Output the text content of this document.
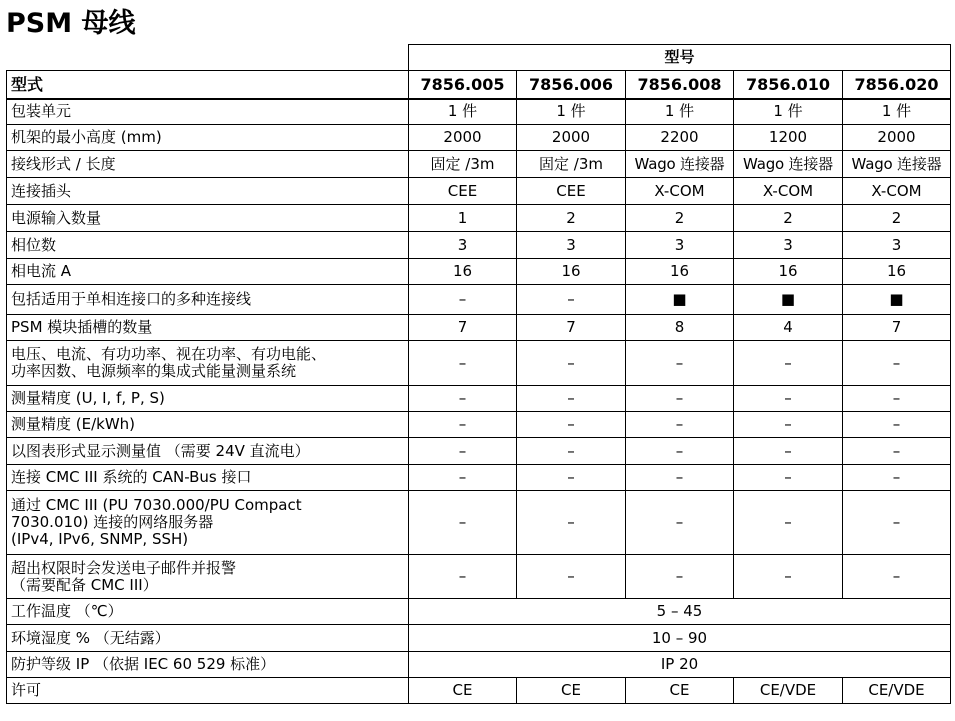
PSM 母线
	型号				
型式	7856.005	7856.006	7856.008	7856.010	7856.020

包装单元	1 件	1 件	1 件	1 件	1 件

机架的最小高度 (mm)	2000	2000	2200	1200	2000

接线形式 / 长度	固定 /3m	固定 /3m	Wago 连接器	Wago 连接器	Wago 连接器

连接插头	CEE	CEE	X-COM	X-COM	X-COM

电源输入数量	1	2	2	2	2

相位数	3	3	3	3	3

相电流 A	16	16	16	16	16

包括适用于单相连接口的多种连接线	–	–	■	■	■

PSM 模块插槽的数量	7	7	8	4	7

电压、电流、有功功率、视在功率、有功电能、
功率因数、电源频率的集成式能量测量系统	–	–	–	–	–

测量精度 (U, I, f, P, S)	–	–	–	–	–

测量精度 (E/kWh)	–	–	–	–	–

以图表形式显示测量值 （需要 24V 直流电）	–	–	–	–	–

连接 CMC III 系统的 CAN-Bus 接口	–	–	–	–	–

通过 CMC III (PU 7030.000/PU Compact
7030.010) 连接的网络服务器
(IPv4, IPv6, SNMP, SSH)	–	–	–	–	–

超出权限时会发送电子邮件并报警
（需要配备 CMC III）	–	–	–	–	–
工作温度 （℃）	5 – 45				
环境湿度 % （无结露）	10 – 90				
防护等级 IP （依据 IEC 60 529 标准）	IP 20				
许可	CE	CE	CE	CE/VDE	CE/VDE
